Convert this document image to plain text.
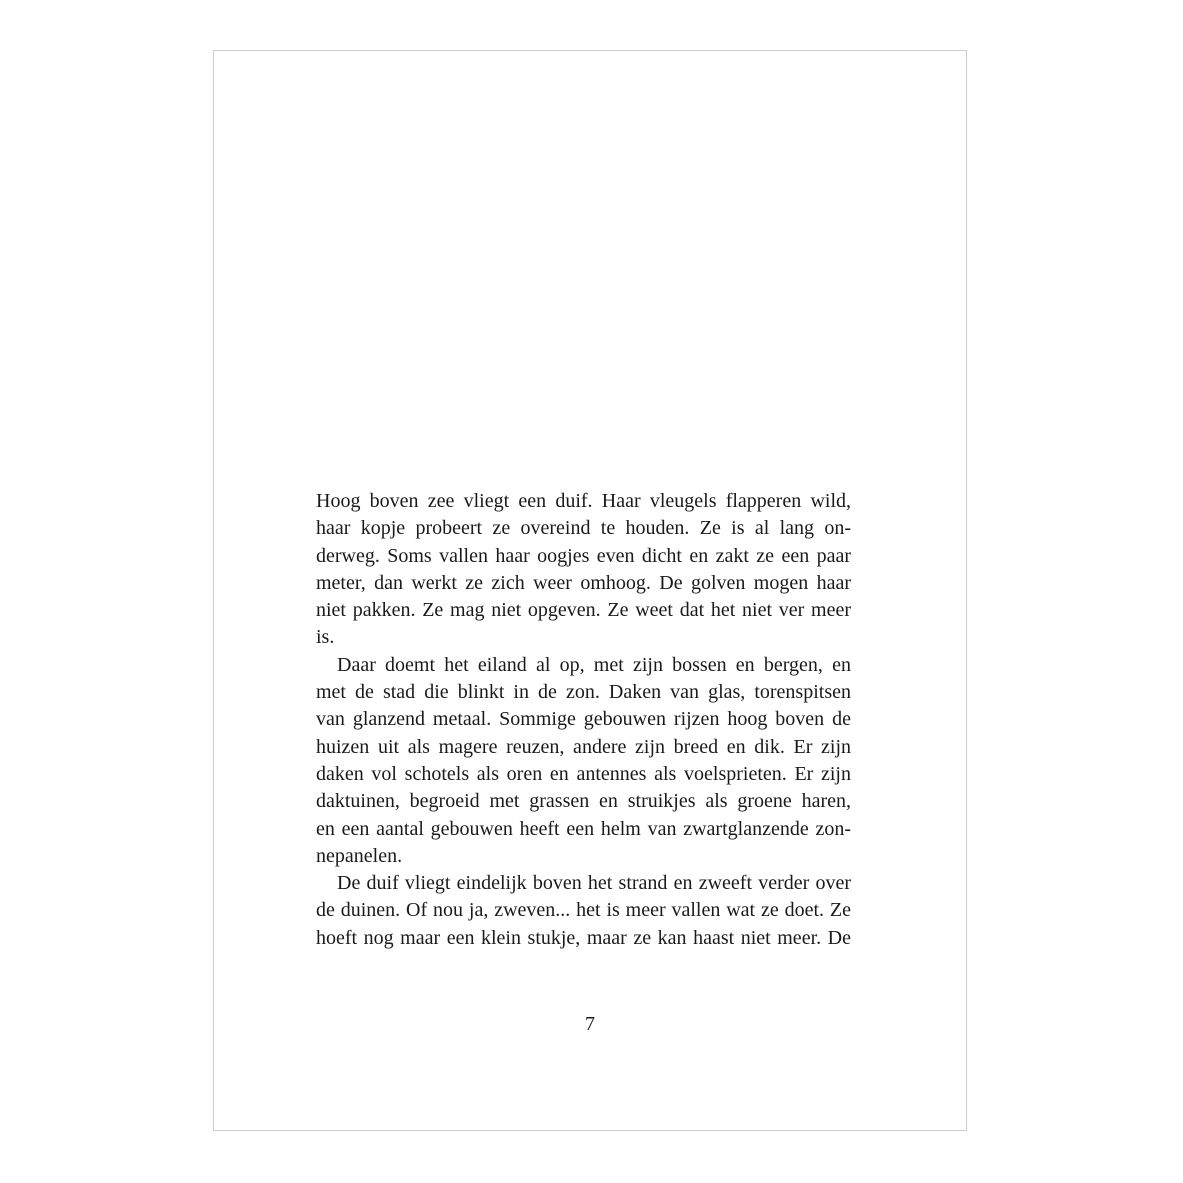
Hoog boven zee vliegt een duif. Haar vleugels flapperen wild,
haar kopje probeert ze overeind te houden. Ze is al lang on-
derweg. Soms vallen haar oogjes even dicht en zakt ze een paar
meter, dan werkt ze zich weer omhoog. De golven mogen haar
niet pakken. Ze mag niet opgeven. Ze weet dat het niet ver meer
is.

Daar doemt het eiland al op, met zijn bossen en bergen, en
met de stad die blinkt in de zon. Daken van glas, torenspitsen
van glanzend metaal. Sommige gebouwen rijzen hoog boven de
huizen uit als magere reuzen, andere zijn breed en dik. Er zijn
daken vol schotels als oren en antennes als voelsprieten. Er zijn
daktuinen, begroeid met grassen en struikjes als groene haren,
en een aantal gebouwen heeft een helm van zwartglanzende zon-
nepanelen.

De duif vliegt eindelijk boven het strand en zweeft verder over
de duinen. Of nou ja, zweven... het is meer vallen wat ze doet. Ze
hoeft nog maar een klein stukje, maar ze kan haast niet meer. De

7
